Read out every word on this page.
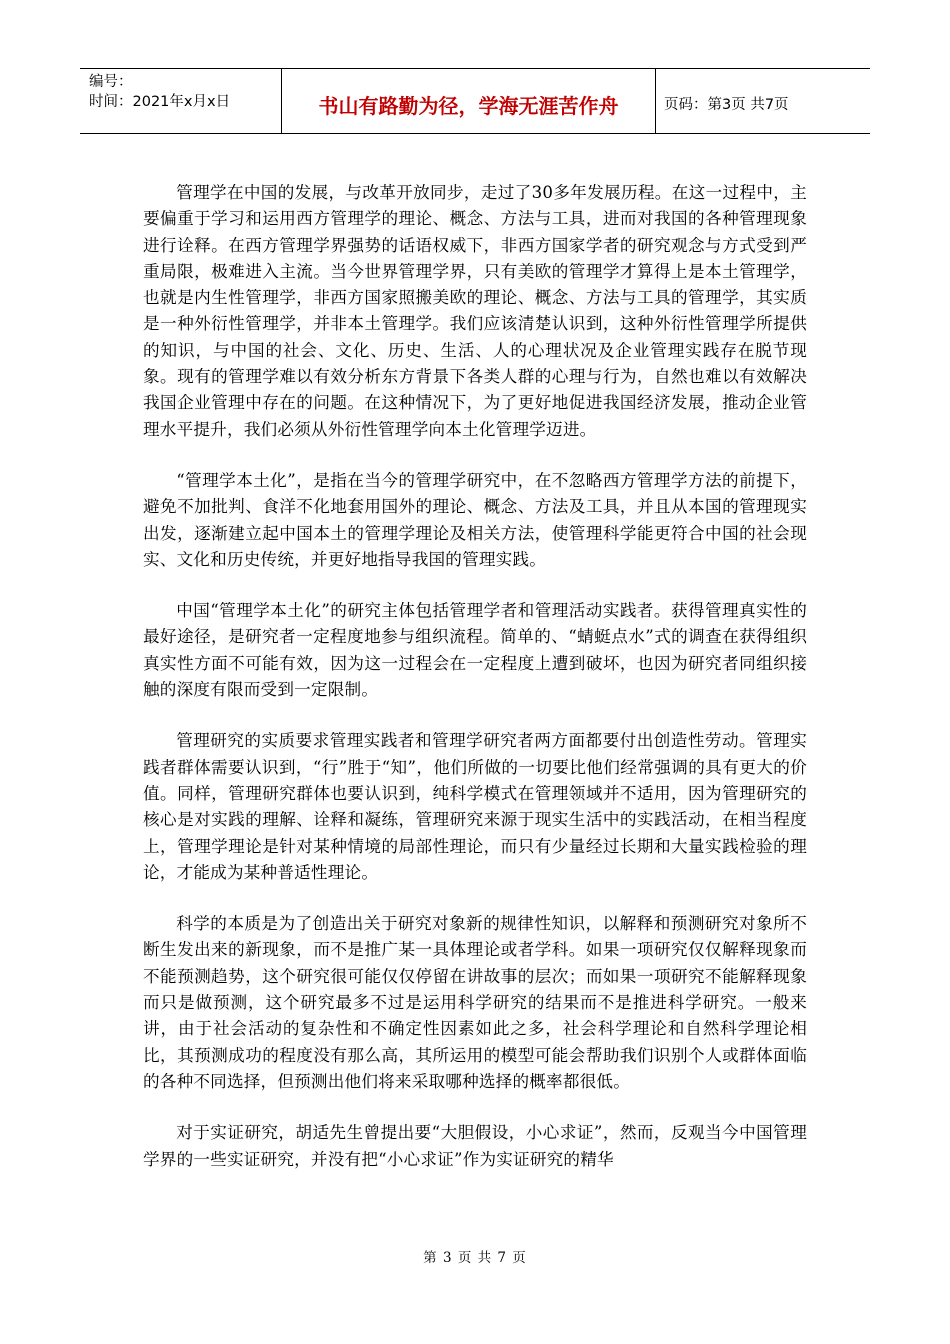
编号：
时间：2021年x月x日	书山有路勤为径，学海无涯苦作舟	页码：第3页 共7页

管理学在中国的发展，与改革开放同步，走过了30多年发展历程。在这一过程中，主要偏重于学习和运用西方管理学的理论、概念、方法与工具，进而对我国的各种管理现象进行诠释。在西方管理学界强势的话语权威下，非西方国家学者的研究观念与方式受到严重局限，极难进入主流。当今世界管理学界，只有美欧的管理学才算得上是本土管理学，也就是内生性管理学，非西方国家照搬美欧的理论、概念、方法与工具的管理学，其实质是一种外衍性管理学，并非本土管理学。我们应该清楚认识到，这种外衍性管理学所提供的知识，与中国的社会、文化、历史、生活、人的心理状况及企业管理实践存在脱节现象。现有的管理学难以有效分析东方背景下各类人群的心理与行为，自然也难以有效解决我国企业管理中存在的问题。在这种情况下，为了更好地促进我国经济发展，推动企业管理水平提升，我们必须从外衍性管理学向本土化管理学迈进。

“管理学本土化”，是指在当今的管理学研究中，在不忽略西方管理学方法的前提下，避免不加批判、食洋不化地套用国外的理论、概念、方法及工具，并且从本国的管理现实出发，逐渐建立起中国本土的管理学理论及相关方法，使管理科学能更符合中国的社会现实、文化和历史传统，并更好地指导我国的管理实践。

中国“管理学本土化”的研究主体包括管理学者和管理活动实践者。获得管理真实性的最好途径，是研究者一定程度地参与组织流程。简单的、“蜻蜓点水”式的调查在获得组织真实性方面不可能有效，因为这一过程会在一定程度上遭到破坏，也因为研究者同组织接触的深度有限而受到一定限制。

管理研究的实质要求管理实践者和管理学研究者两方面都要付出创造性劳动。管理实践者群体需要认识到，“行”胜于“知”，他们所做的一切要比他们经常强调的具有更大的价值。同样，管理研究群体也要认识到，纯科学模式在管理领域并不适用，因为管理研究的核心是对实践的理解、诠释和凝练，管理研究来源于现实生活中的实践活动，在相当程度上，管理学理论是针对某种情境的局部性理论，而只有少量经过长期和大量实践检验的理论，才能成为某种普适性理论。

科学的本质是为了创造出关于研究对象新的规律性知识，以解释和预测研究对象所不断生发出来的新现象，而不是推广某一具体理论或者学科。如果一项研究仅仅解释现象而不能预测趋势，这个研究很可能仅仅停留在讲故事的层次；而如果一项研究不能解释现象而只是做预测，这个研究最多不过是运用科学研究的结果而不是推进科学研究。一般来讲，由于社会活动的复杂性和不确定性因素如此之多，社会科学理论和自然科学理论相比，其预测成功的程度没有那么高，其所运用的模型可能会帮助我们识别个人或群体面临的各种不同选择，但预测出他们将来采取哪种选择的概率都很低。

对于实证研究，胡适先生曾提出要“大胆假设，小心求证”，然而，反观当今中国管理学界的一些实证研究，并没有把“小心求证”作为实证研究的精华

第 3 页 共 7 页
